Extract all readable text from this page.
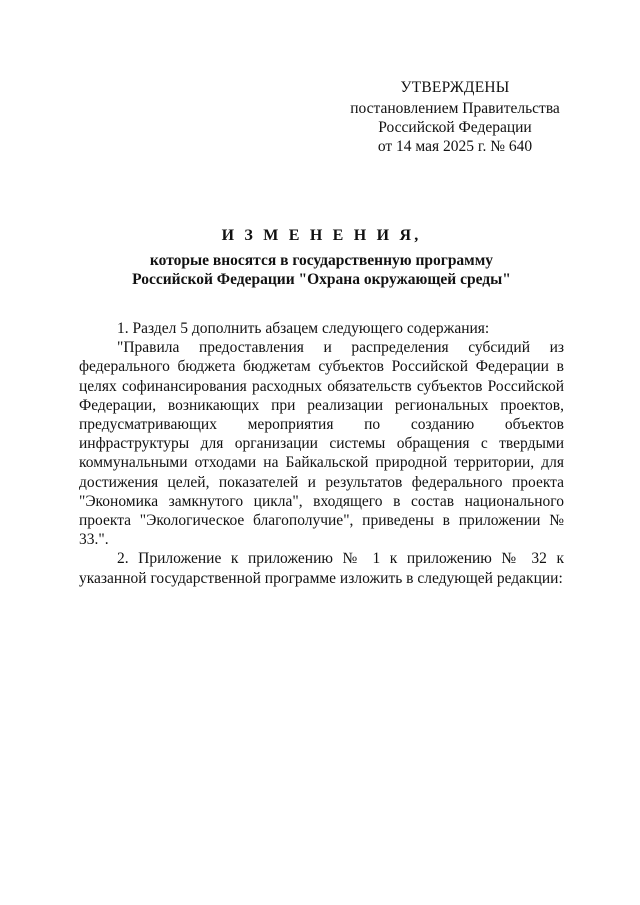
УТВЕРЖДЕНЫ
постановлением Правительства
Российской Федерации
от 14 мая 2025 г. № 640
И З М Е Н Е Н И Я,
которые вносятся в государственную программу
Российской Федерации "Охрана окружающей среды"

1. Раздел 5 дополнить абзацем следующего содержания:

"Правила предоставления и распределения субсидий из федерального бюджета бюджетам субъектов Российской Федерации в целях софинансирования расходных обязательств субъектов Российской Федерации, возникающих при реализации региональных проектов, предусматривающих мероприятия по созданию объектов инфраструктуры для организации системы обращения с твердыми коммунальными отходами на Байкальской природной территории, для достижения целей, показателей и результатов федерального проекта "Экономика замкнутого цикла", входящего в состав национального проекта "Экологическое благополучие", приведены в приложении № 33.".

2. Приложение к приложению № 1 к приложению № 32 к указанной государственной программе изложить в следующей редакции:
